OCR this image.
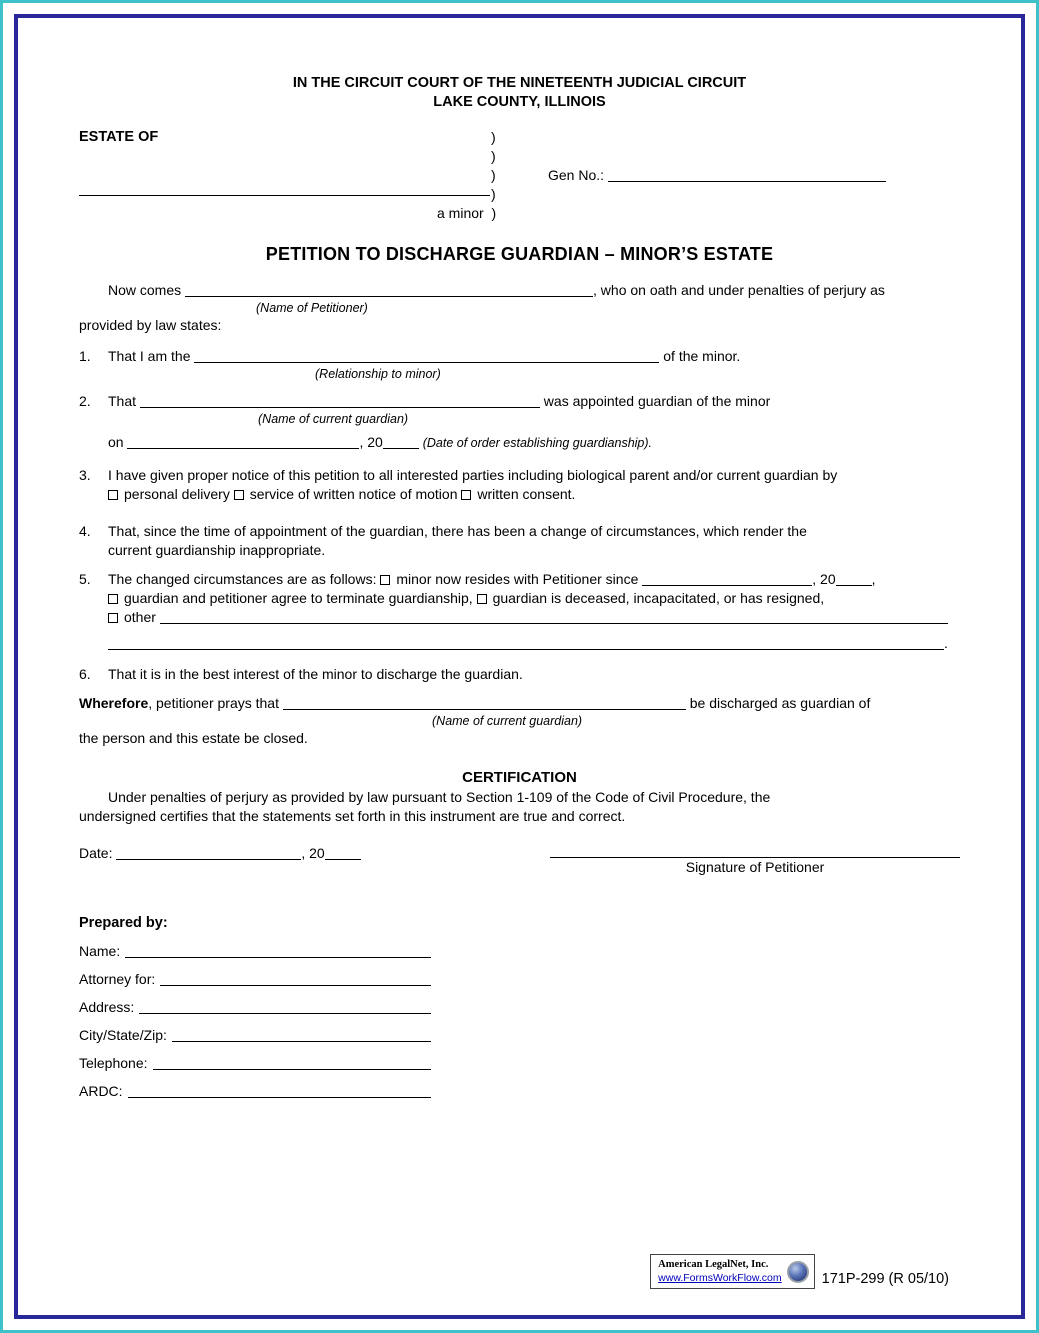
IN THE CIRCUIT COURT OF THE NINETEENTH JUDICIAL CIRCUIT
LAKE COUNTY, ILLINOIS
ESTATE OF	)
)
)
)
a minor )
Gen No.:
PETITION TO DISCHARGE GUARDIAN – MINOR’S ESTATE
Now comes	, who on oath and under penalties of perjury as
(Name of Petitioner)
provided by law states:
1. That I am the	of the minor.
(Relationship to minor)
2. That	was appointed guardian of the minor
(Name of current guardian)
on	, 20	(Date of order establishing guardianship).
3. I have given proper notice of this petition to all interested parties including biological parent and/or current guardian by
personal delivery service of written notice of motion written consent.
4. That, since the time of appointment of the guardian, there has been a change of circumstances, which render the
current guardianship inappropriate.
5. The changed circumstances are as follows: minor now resides with Petitioner since	, 20	,
guardian and petitioner agree to terminate guardianship, guardian is deceased, incapacitated, or has resigned,
other
.
6. That it is in the best interest of the minor to discharge the guardian.
Wherefore, petitioner prays that	be discharged as guardian of
(Name of current guardian)
the person and this estate be closed.
CERTIFICATION
Under penalties of perjury as provided by law pursuant to Section 1-109 of the Code of Civil Procedure, the
undersigned certifies that the statements set forth in this instrument are true and correct.
Date:	, 20
Signature of Petitioner
Prepared by:
Name:
Attorney for:
Address:
City/State/Zip:
Telephone:
ARDC:
American LegalNet, Inc.
www.FormsWorkFlow.com	171P-299 (R 05/10)
